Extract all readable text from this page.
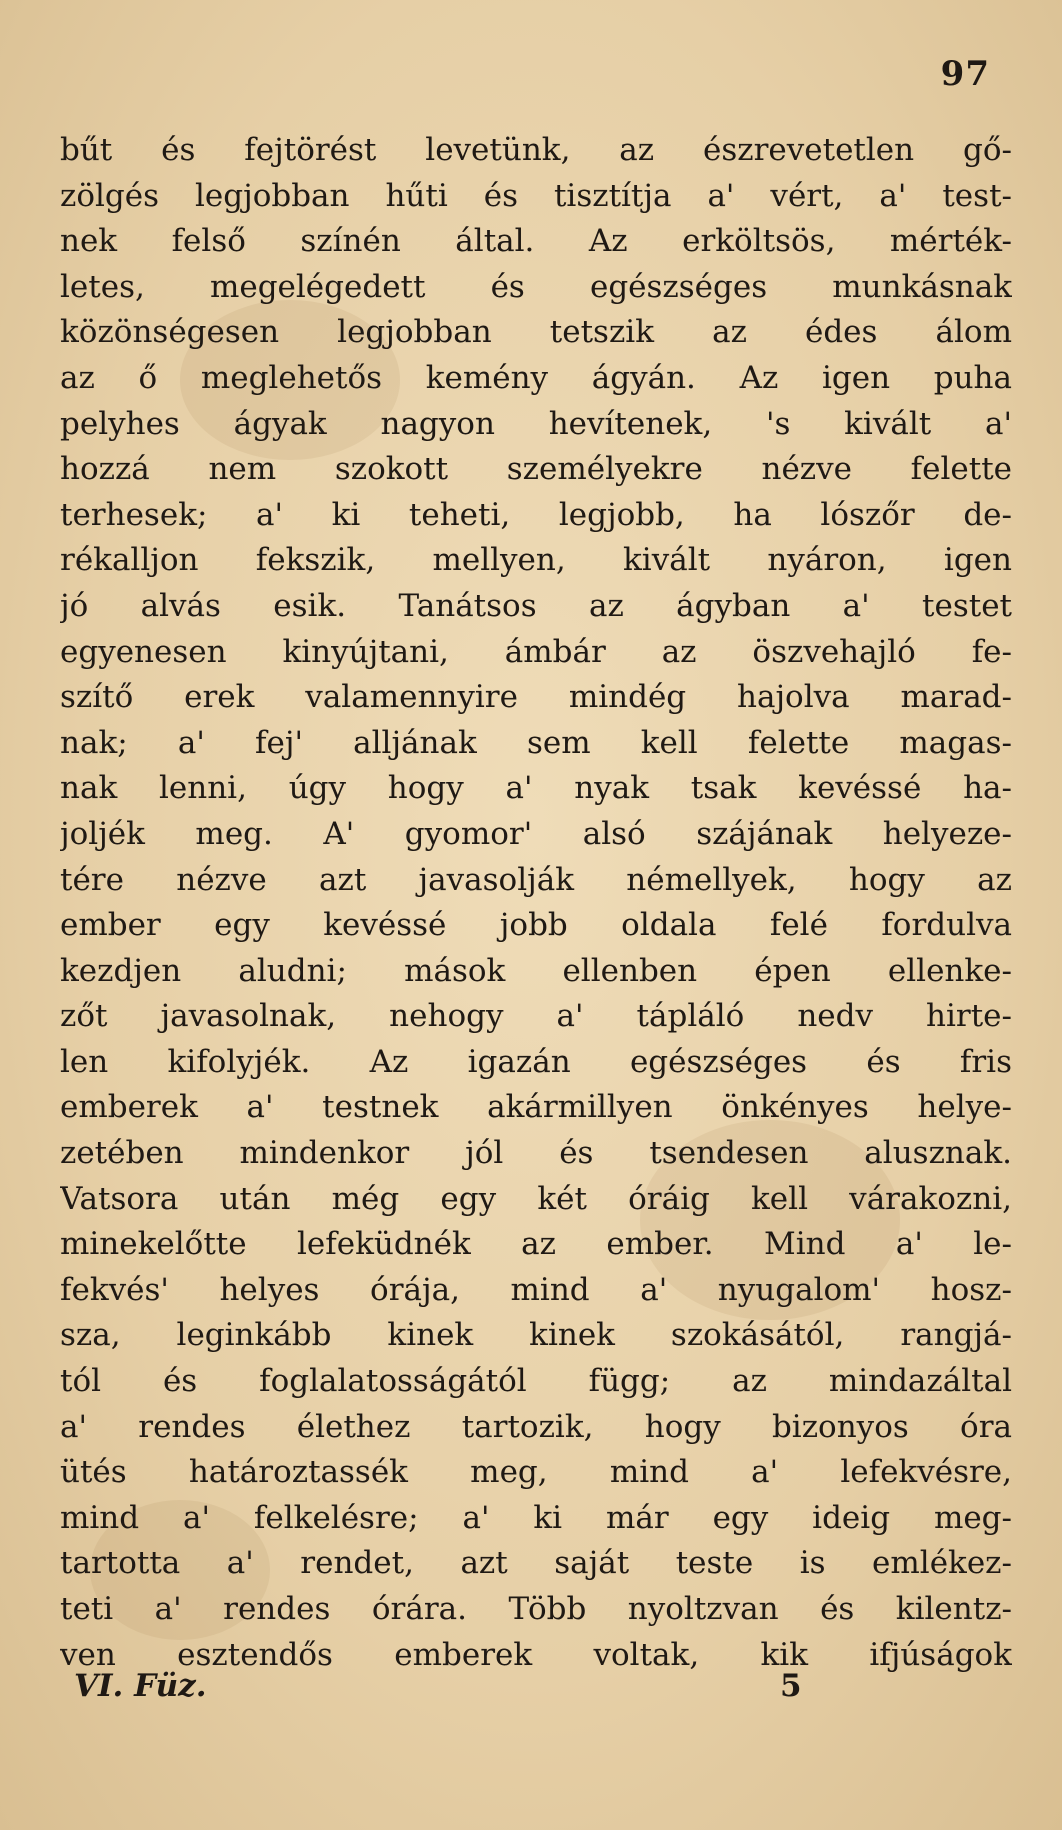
97
bűt és fejtörést levetünk, az észrevetetlen gő-
zölgés legjobban hűti és tisztítja a' vért, a' test-
nek felső színén által. Az erköltsös, mérték-
letes, megelégedett és egészséges munkásnak
közönségesen legjobban tetszik az édes álom
az ő meglehetős kemény ágyán. Az igen puha
pelyhes ágyak nagyon hevítenek, 's kivált a'
hozzá nem szokott személyekre nézve felette
terhesek; a' ki teheti, legjobb, ha lószőr de-
rékalljon fekszik, mellyen, kivált nyáron, igen
jó alvás esik. Tanátsos az ágyban a' testet
egyenesen kinyújtani, ámbár az öszvehajló fe-
szítő erek valamennyire mindég hajolva marad-
nak; a' fej' alljának sem kell felette magas-
nak lenni, úgy hogy a' nyak tsak kevéssé ha-
joljék meg. A' gyomor' alsó szájának helyeze-
tére nézve azt javasolják némellyek, hogy az
ember egy kevéssé jobb oldala felé fordulva
kezdjen aludni; mások ellenben épen ellenke-
zőt javasolnak, nehogy a' tápláló nedv hirte-
len kifolyjék. Az igazán egészséges és fris
emberek a' testnek akármillyen önkényes helye-
zetében mindenkor jól és tsendesen alusznak.
Vatsora után még egy két óráig kell várakozni,
minekelőtte lefeküdnék az ember. Mind a' le-
fekvés' helyes órája, mind a' nyugalom' hosz-
sza, leginkább kinek kinek szokásától, rangjá-
tól és foglalatosságától függ; az mindazáltal
a' rendes élethez tartozik, hogy bizonyos óra
ütés határoztassék meg, mind a' lefekvésre,
mind a' felkelésre; a' ki már egy ideig meg-
tartotta a' rendet, azt saját teste is emlékez-
teti a' rendes órára. Több nyoltzvan és kilentz-
ven esztendős emberek voltak, kik ifjúságok
VI. Füz.	5
